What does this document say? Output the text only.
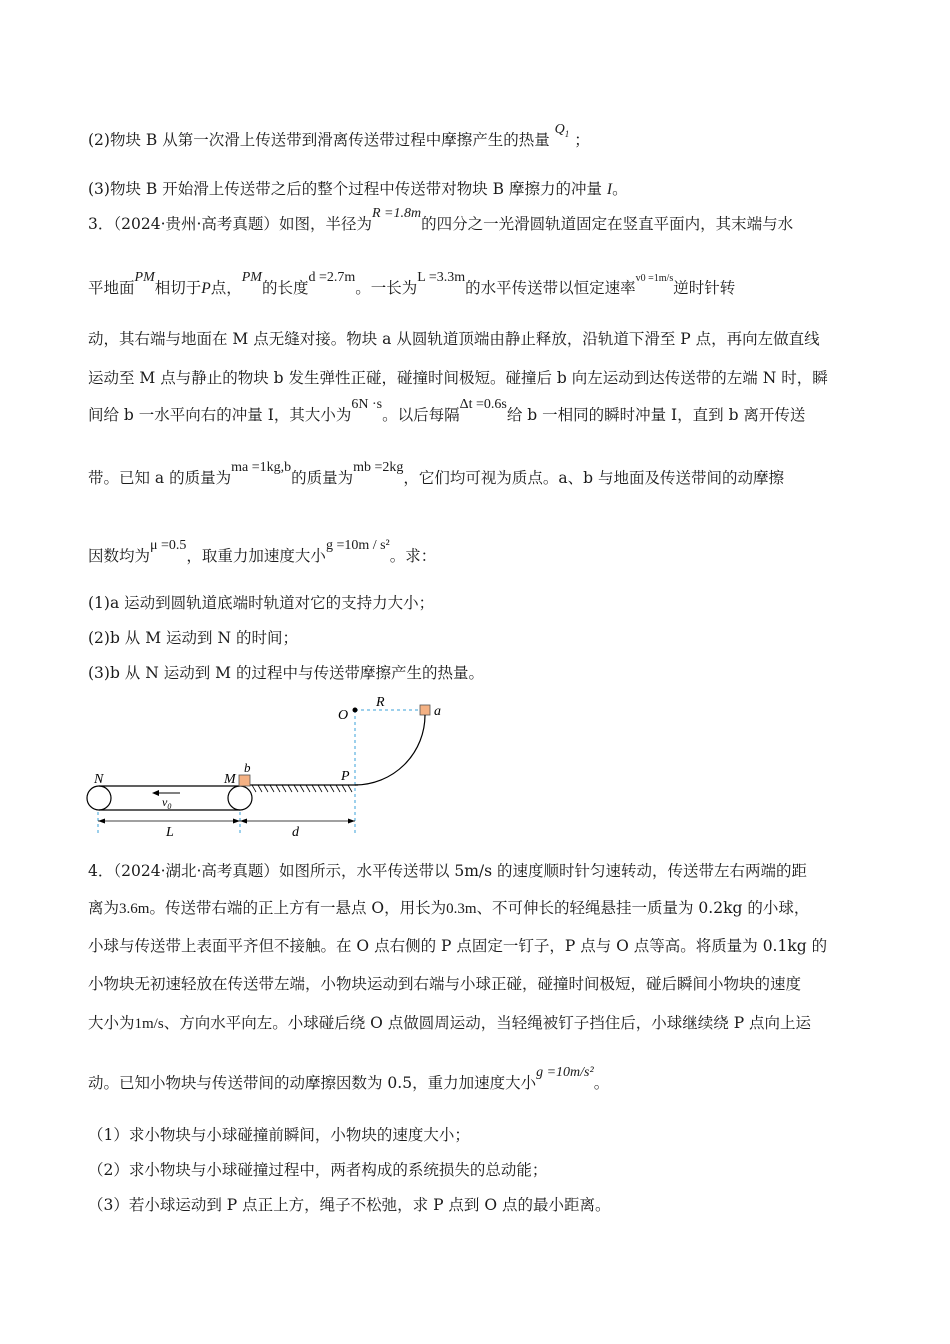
(2)物块 B 从第一次滑上传送带到滑离传送带过程中摩擦产生的热量 $Q_1$ ；
(3)物块 B 开始滑上传送带之后的整个过程中传送带对物块 B 摩擦力的冲量 I。
3．（2024·贵州·高考真题）如图，半径为R =1.8m的四分之一光滑圆轨道固定在竖直平面内，其末端与水
平地面PM相切于P点，PM的长度d =2.7m。一长为L =3.3m的水平传送带以恒定速率v0 =1m/s逆时针转
动，其右端与地面在 M 点无缝对接。物块 a 从圆轨道顶端由静止释放，沿轨道下滑至 P 点，再向左做直线
运动至 M 点与静止的物块 b 发生弹性正碰，碰撞时间极短。碰撞后 b 向左运动到达传送带的左端 N 时，瞬
间给 b 一水平向右的冲量 I，其大小为6N ·s。以后每隔Δt =0.6s给 b 一相同的瞬时冲量 I，直到 b 离开传送
带。已知 a 的质量为ma =1kg,b的质量为mb =2kg，它们均可视为质点。a、b 与地面及传送带间的动摩擦
因数均为μ =0.5，取重力加速度大小g =10m / s²。求：
(1)a 运动到圆轨道底端时轨道对它的支持力大小；
(2)b 从 M 运动到 N 的时间；
(3)b 从 N 运动到 M 的过程中与传送带摩擦产生的热量。
O
R
a
P
N	M
b
$v_0$
L	d
4．（2024·湖北·高考真题）如图所示，水平传送带以 5m/s 的速度顺时针匀速转动，传送带左右两端的距
离为3.6m。传送带右端的正上方有一悬点 O，用长为0.3m、不可伸长的轻绳悬挂一质量为 0.2kg 的小球，
小球与传送带上表面平齐但不接触。在 O 点右侧的 P 点固定一钉子，P 点与 O 点等高。将质量为 0.1kg 的
小物块无初速轻放在传送带左端，小物块运动到右端与小球正碰，碰撞时间极短，碰后瞬间小物块的速度
大小为1m/s、方向水平向左。小球碰后绕 O 点做圆周运动，当轻绳被钉子挡住后，小球继续绕 P 点向上运
动。已知小物块与传送带间的动摩擦因数为 0.5，重力加速度大小g =10m/s²。
（1）求小物块与小球碰撞前瞬间，小物块的速度大小；
（2）求小物块与小球碰撞过程中，两者构成的系统损失的总动能；
（3）若小球运动到 P 点正上方，绳子不松弛，求 P 点到 O 点的最小距离。
